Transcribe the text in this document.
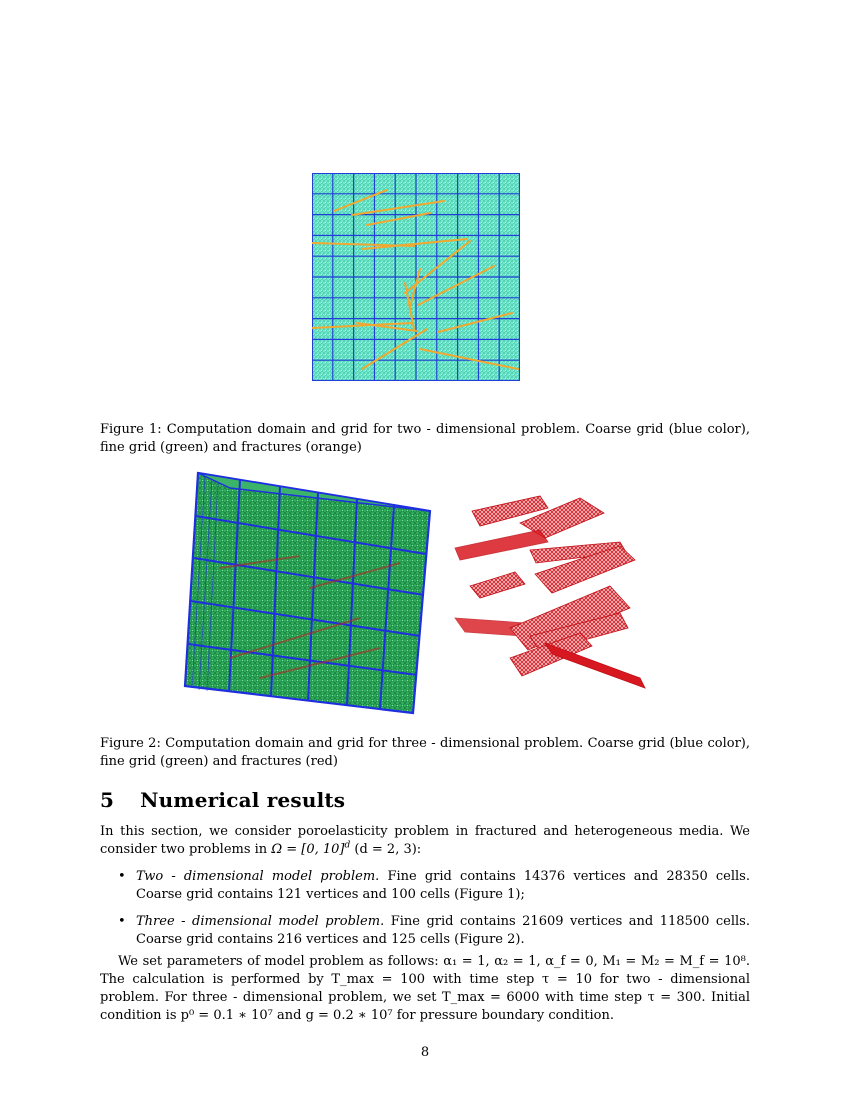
Figure 1: Computation domain and grid for two - dimensional problem. Coarse grid (blue color), fine grid (green) and fractures (orange)
Figure 2: Computation domain and grid for three - dimensional problem. Coarse grid (blue color), fine grid (green) and fractures (red)
5 Numerical results
In this section, we consider poroelasticity problem in fractured and heterogeneous media. We consider two problems in Ω = [0, 10]$^d$ (d = 2, 3):
• Two - dimensional model problem. Fine grid contains 14376 vertices and 28350 cells. Coarse grid contains 121 vertices and 100 cells (Figure 1);
• Three - dimensional model problem. Fine grid contains 21609 vertices and 118500 cells. Coarse grid contains 216 vertices and 125 cells (Figure 2).
We set parameters of model problem as follows: α₁ = 1, α₂ = 1, α_f = 0, M₁ = M₂ = M_f = 10⁸. The calculation is performed by T_max = 100 with time step τ = 10 for two - dimensional problem. For three - dimensional problem, we set T_max = 6000 with time step τ = 300. Initial condition is p⁰ = 0.1 ∗ 10⁷ and g = 0.2 ∗ 10⁷ for pressure boundary condition.
8
